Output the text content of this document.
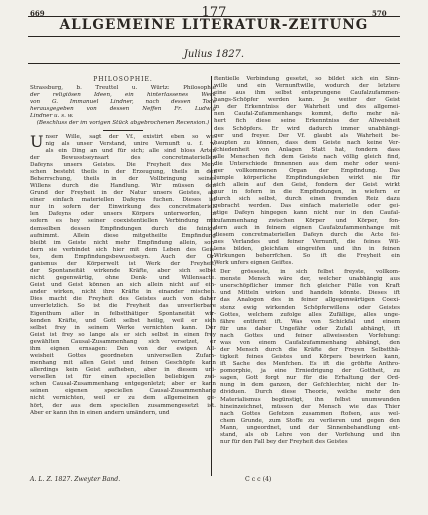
669	177	570
ALLGEMEINE LITERATUR-ZEITUNG
Julius 1827.
PHILOSOPHIE.
Strassburg, b. Treuttel u. Würtz: Philosophie
der religiösen Ideen, ein hinterlassenes Werk
von G. Immanuel Lindner, nach dessen Tode
herausgegeben von dessen Neffen Fr. Ludwig
Lindner u. s. w.
(Beschluss der im vorigen Stück abgebrochenen Recension.)
U nser Wille, sagt der Vf., existirt eben so we-
nig als unser Verstand, unire Vernunft u. f. w.
als ein Ding an und für sich; alle sind bloss Arten
der Bewusstseynsart des concretmateriellen
Dafeyns unsers Geistes. Die Freyheit des Men-
schen besteht theils in der Erzeugung, theils in der
Beherrschung, theils in der Vollbringung seines
Willens durch die Handlung. Wir müssen den
Grund der Freyheit in der Natur unsers Geistes, als
einer einfach materiellen Dafeyns fuchen. Dieses ist
nur in sofern der Einwirkung des concretmateriel-
len Dafeyns oder unsers Körpers unterworfen, in
sofern es hey seiner coexistentiellen Verbindung mit
demselben dessen Empfindungen durch die feinige
aufnimmt. Allein diese mitgetheilte Empfindung
bleibt im Geiste nicht mehr Empfindung allein, son-
dern sie verbindet sich hier mit dem Leben des Geis-
tes, dem Empfindungsbewusstseyn. Auch der Or-
ganismus der Körperwelt ist Werk der Freyheit,
der Spontaneität wirkende Kräfte, aber sich selbst
nicht gegenwärtig, ohne Denk- und Willensacte.
Geist und Geist können an sich allein nicht auf ein-
ander wirken, nicht ihre Kräfte in einander mischen.
Dies macht die Freyheit des Geistes auch von daher
unverletzlich. So ist die Freyheit das unverlierbare
Eigenthum aller in felbstthätiger Spontaneität wir-
kenden Kräfte, und Gott selbst heilig, weil er sich
selbst frey in seinem Werke vernichten kann. Der
Geist ist frey so lange als er sich selbst in einen frey
gewählten Causal-Zusammenhang sich versetzet, er
ihm eignen ernsagen: Den von der ewigen All-
weisheit Gottes geordneten universellen Zufam-
menhang mit allen Geist und feinen Geschöpfe kann
allerdings kein Geist aufheben, aber in diesem uni-
versellen ist für einen speciellen beliebigen zwi-
schen Causal-Zusammenhang entgegenletzt; aber er kann
seinen eigenen speciellen Causal-Zusammenhang
nicht vernichten, weil er zu dem allgemeinen ge-
hört, der aus dem speciellen zusammengesetzt ist.
Aber er kann ihn in einen andern umändern, und
ftentielle Verbindung gesetzt, so bildet sich ein Sinn-
wille und ein Vernunftwille, wodurch der letztere
eine aus ihm selbst entsprungene Caufalzufammen-
hangs-Schöpfer werden kann. Je weiter der Geist
in der Erkenntniss der Wahrheit und des allgemei-
nen Caufal-Zufammenhangs kommt, defto mehr nä-
hert fich diese seine Erkenntniss der Allweisheit
des Schöpfers. Er wird dadurch immer unabhängi-
ger und freyer. Der Vf. glaubt als Wahrheit be-
haupten zu können, dass dem Geiste nach keine Ver-
fchiedenheit von Anlagen Statt hat, fondern dass
alle Menschen fich dem Geiste nach völlig gleich find,
die Unterschiede fmnennen aus dem mehr oder weni-
ger vollkommenen Organ der Empfindung. Das
Iumple körperliche Empfindungsleben wirkt nie für
sich allein auf den Geist, fondern der Geist wirkt
nur in fofern in die Empfindungen, in wiefern er
durch sich selbst, durch einen fremden Reiz dazu
gebracht werden. Das einfach materielle oder gei-
stige Dafeyn hingegen kann nicht nur in den Caufal-
zufammenhang zwischen Körper und Körper, fon-
dern auch in feinem eignen Caufalzufammenhange mit
diesem concretmateriellen Dafeyn durch die Acte fei-
nes Verlandes und feiner Vernunft, die feines Wil-
lens bilden, gleichfam eingreifen und ihn in feinen
Wirkungen beherrfchen. So ift die Freyheit ein
Werk unfers eignen Geiftes.
Der grösseste, in sich felbst freyste, vollkom-
menste Mensch wäre der, welcher unabhängig aus
unerschöpflicher immer fich gleicher Fülle von Kraft
und Mitteln wirken und handeln könnte. Dieses ift
das Analogon des in feiner allgegenwärtigen Coexi-
stenz ewig wirkenden Schöpferwillens oder Geistes
Gottes, welchem zufolge alles Zufällige, alles unge-
fähre entfernt ift. Was von Schickfal und einem
für uns daher Ungefähr oder Zufall abhängt, ift
nach Gottes und feiner allweisesten Vorfehung:
was von einem Caufalzufammenhang abhängt, den
der Mensch durch die Kräfte der Freyen Selbstthä-
tigkeit feines Geistes und Körpers bewirken kann,
ift Sache des Menfchen. Es ift die gröbfte Anthro-
pomorphie, ja eine Erniedrigung der Gottheit, zu
sagen, Gott forgt nur für die Erhaltung der Ord-
nung in dem ganzen, der Gefchlechter, nicht der In-
dividuen. Durch diese Theorie, welche mehr den
Materialismus begünstigt, ihn felbst unumwunden
hineinzeichnet, müssen der Mensch wie das Thier
nach Gottes Gefetzen zusammen ftofsen, aus wel-
chem Grunde, zum Stoffe zu verlieren und gegen den
Mann, ungeordnet, und der Sinnenbehandlung ent-
stand, als ob Lehre von der Vorfehung und ihn
nur für den Fall bey der Freyheit des Geistes
A. L. Z. 1827. Zweyter Band.	C c c (4)
